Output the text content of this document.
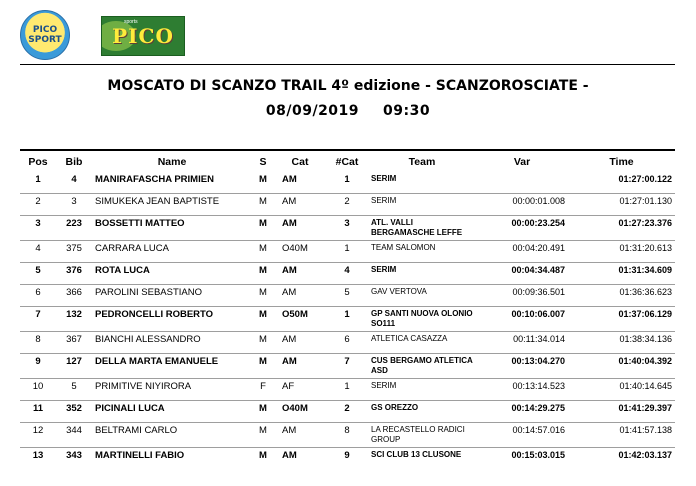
PICO
SPORT
sports
PICO
MOSCATO DI SCANZO TRAIL 4º edizione - SCANZOROSCIATE -
08/09/2019 09:30
Pos	Bib	Name	S	Cat	#Cat	Team	Var	Time
1	4	MANIRAFASCHA PRIMIEN	M	AM	1	SERIM		01:27:00.122
2	3	SIMUKEKA JEAN BAPTISTE	M	AM	2	SERIM	00:00:01.008	01:27:01.130
3	223	BOSSETTI MATTEO	M	AM	3	ATL. VALLI BERGAMASCHE LEFFE	00:00:23.254	01:27:23.376
4	375	CARRARA LUCA	M	O40M	1	TEAM SALOMON	00:04:20.491	01:31:20.613
5	376	ROTA LUCA	M	AM	4	SERIM	00:04:34.487	01:31:34.609
6	366	PAROLINI SEBASTIANO	M	AM	5	GAV VERTOVA	00:09:36.501	01:36:36.623
7	132	PEDRONCELLI ROBERTO	M	O50M	1	GP SANTI NUOVA OLONIO SO111	00:10:06.007	01:37:06.129
8	367	BIANCHI ALESSANDRO	M	AM	6	ATLETICA CASAZZA	00:11:34.014	01:38:34.136
9	127	DELLA MARTA EMANUELE	M	AM	7	CUS BERGAMO ATLETICA ASD	00:13:04.270	01:40:04.392
10	5	PRIMITIVE NIYIRORA	F	AF	1	SERIM	00:13:14.523	01:40:14.645
11	352	PICINALI LUCA	M	O40M	2	GS OREZZO	00:14:29.275	01:41:29.397
12	344	BELTRAMI CARLO	M	AM	8	LA RECASTELLO RADICI GROUP	00:14:57.016	01:41:57.138
13	343	MARTINELLI FABIO	M	AM	9	SCI CLUB 13 CLUSONE	00:15:03.015	01:42:03.137
